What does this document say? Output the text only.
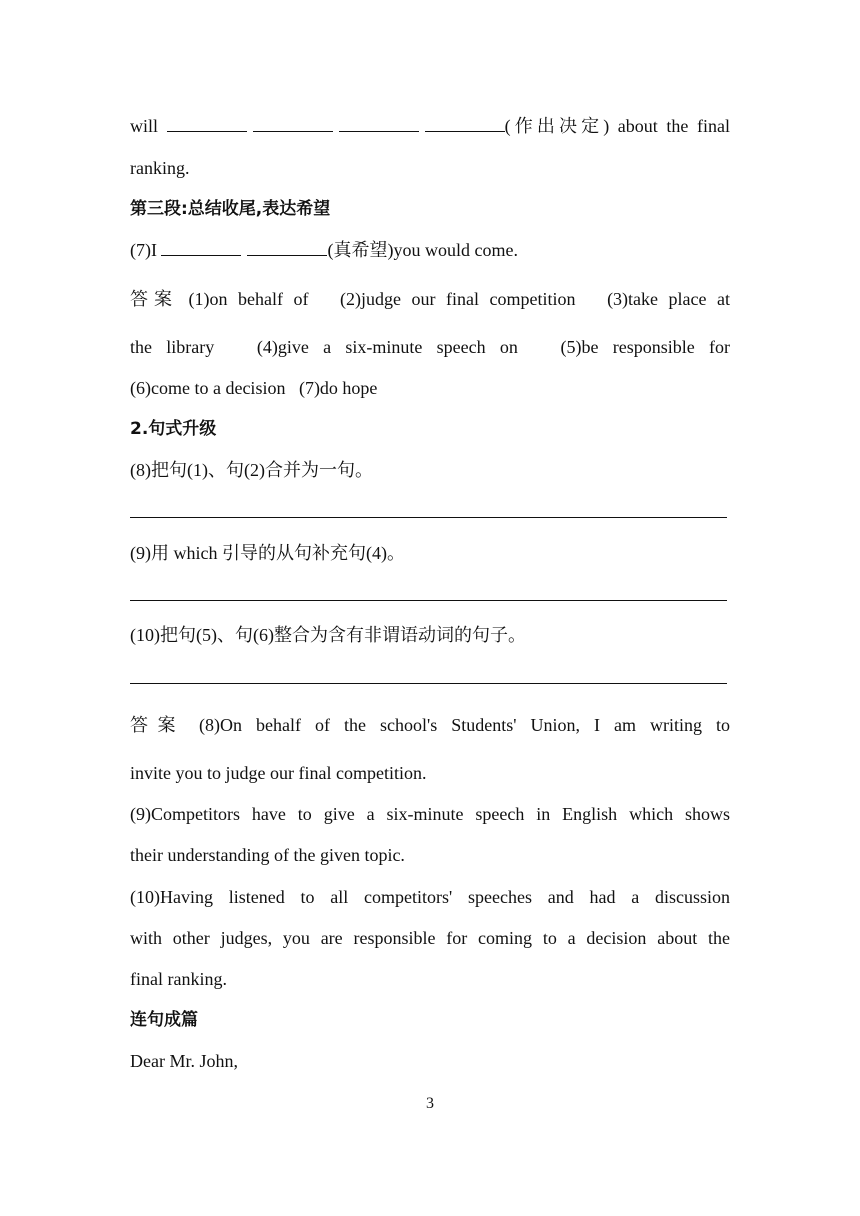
will	(作出决定) about the final
ranking.
第三段:总结收尾,表达希望
(7)I	(真希望)you would come.
答案 (1)on behalf of   (2)judge our final competition   (3)take place at
the library   (4)give a six-minute speech on   (5)be responsible for
(6)come to a decision   (7)do hope
2.句式升级
(8)把句(1)、句(2)合并为一句。
(9)用 which 引导的从句补充句(4)。
(10)把句(5)、句(6)整合为含有非谓语动词的句子。
答案 (8)On behalf of the school's Students' Union, I am writing to
invite you to judge our final competition.
(9)Competitors have to give a six-minute speech in English which shows
their understanding of the given topic.
(10)Having listened to all competitors' speeches and had a discussion
with other judges, you are responsible for coming to a decision about the
final ranking.
连句成篇
Dear Mr. John,
3
